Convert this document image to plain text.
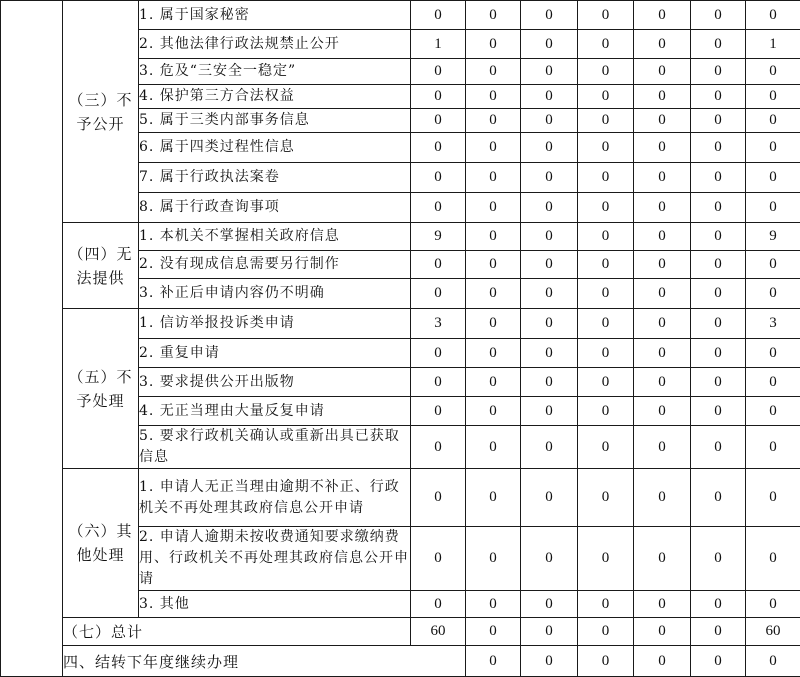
	（三）不予公开	1. 属于国家秘密	0	0	0	0	0	0	0	
		2. 其他法律行政法规禁止公开	1	0	0	0	0	0	1	
		3. 危及“三安全一稳定”	0	0	0	0	0	0	0	
		4. 保护第三方合法权益	0	0	0	0	0	0	0	
		5. 属于三类内部事务信息	0	0	0	0	0	0	0	
		6. 属于四类过程性信息	0	0	0	0	0	0	0	
		7. 属于行政执法案卷	0	0	0	0	0	0	0	
		8. 属于行政查询事项	0	0	0	0	0	0	0	
	（四）无法提供	1. 本机关不掌握相关政府信息	9	0	0	0	0	0	9	
		2. 没有现成信息需要另行制作	0	0	0	0	0	0	0	
		3. 补正后申请内容仍不明确	0	0	0	0	0	0	0	
	（五）不予处理	1. 信访举报投诉类申请	3	0	0	0	0	0	3	
		2. 重复申请	0	0	0	0	0	0	0	
		3. 要求提供公开出版物	0	0	0	0	0	0	0	
		4. 无正当理由大量反复申请	0	0	0	0	0	0	0	
		5. 要求行政机关确认或重新出具已获取信息	0	0	0	0	0	0	0	
	（六）其他处理	1. 申请人无正当理由逾期不补正、行政机关不再处理其政府信息公开申请	0	0	0	0	0	0	0	
		2. 申请人逾期未按收费通知要求缴纳费用、行政机关不再处理其政府信息公开申请	0	0	0	0	0	0	0	
		3. 其他	0	0	0	0	0	0	0	
	（七）总计		60	0	0	0	0	0	60	
	四、结转下年度继续办理			0	0	0	0	0	0	
